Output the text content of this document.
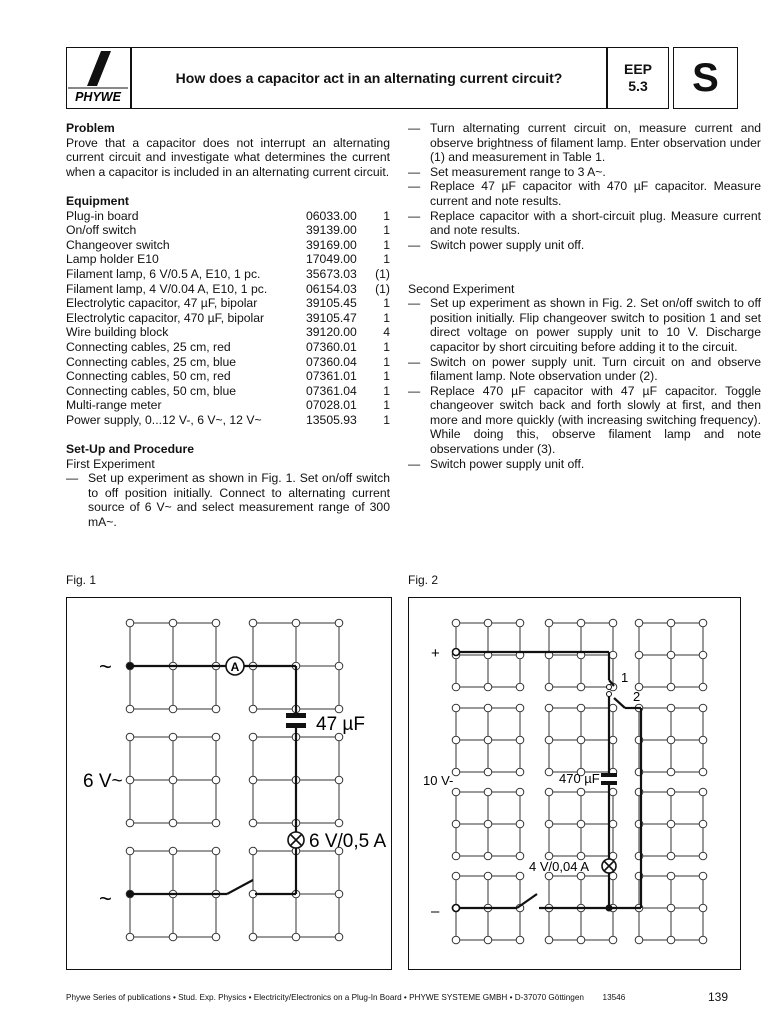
PHYWE
How does a capacitor act in an alternating current circuit?
EEP
5.3	S

Problem

Prove that a capacitor does not interrupt an alternating current circuit and investigate what determines the current when a capacitor is included in an alternating current circuit.

Equipment

Plug-in board	06033.00	1
On/off switch	39139.00	1
Changeover switch	39169.00	1
Lamp holder E10	17049.00	1
Filament lamp, 6 V/0.5 A, E10, 1 pc.	35673.03	(1)
Filament lamp, 4 V/0.04 A, E10, 1 pc.	06154.03	(1)
Electrolytic capacitor, 47 µF, bipolar	39105.45	1
Electrolytic capacitor, 470 µF, bipolar	39105.47	1
Wire building block	39120.00	4
Connecting cables, 25 cm, red	07360.01	1
Connecting cables, 25 cm, blue	07360.04	1
Connecting cables, 50 cm, red	07361.01	1
Connecting cables, 50 cm, blue	07361.04	1
Multi-range meter	07028.01	1
Power supply, 0...12 V-, 6 V~, 12 V~	13505.93	1

Set-Up and Procedure

First Experiment

— Set up experiment as shown in Fig. 1. Set on/off switch to off position initially. Connect to alternating current source of 6 V~ and select measurement range of 300 mA~.
— Turn alternating current circuit on, measure current and observe brightness of filament lamp. Enter observation under (1) and measurement in Table 1.
— Set measurement range to 3 A~.
— Replace 47 µF capacitor with 470 µF capacitor. Measure current and note results.
— Replace capacitor with a short-circuit plug. Measure current and note results.
— Switch power supply unit off.

Second Experiment

— Set up experiment as shown in Fig. 2. Set on/off switch to off position initially. Flip changeover switch to position 1 and set direct voltage on power supply unit to 10 V. Discharge capacitor by short circuiting before adding it to the circuit.
— Switch on power supply unit. Turn circuit on and observe filament lamp. Note observation under (2).
— Replace 470 µF capacitor with 47 µF capacitor. Toggle changeover switch back and forth slowly at first, and then more and more quickly (with increasing switching frequency). While doing this, observe filament lamp and note observations under (3).
— Switch power supply unit off.
Fig. 1	Fig. 2
A
47 µF
6 V/0,5 A
~
~
6 V~	470 µF
4 V/0,04 A
1
2
+
–
10 V-
Phywe Series of publications • Stud. Exp. Physics • Electricity/Electronics on a Plug-In Board • PHYWE SYSTEME GMBH • D-37070 Göttingen 13546	139
